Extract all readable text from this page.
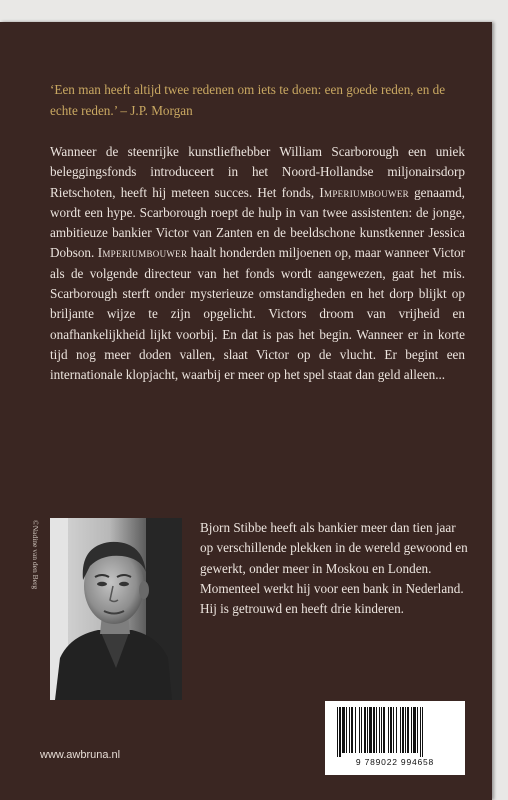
‘Een man heeft altijd twee redenen om iets te doen: een goede reden, en de echte reden.’ – J.P. Morgan
Wanneer de steenrijke kunstliefhebber William Scarborough een uniek beleggingsfonds introduceert in het Noord-Hollandse miljonairsdorp Rietschoten, heeft hij meteen succes. Het fonds, Imperiumbouwer genaamd, wordt een hype. Scarborough roept de hulp in van twee assistenten: de jonge, ambitieuze bankier Victor van Zanten en de beeldschone kunstkenner Jessica Dobson. Imperiumbouwer haalt honderden miljoenen op, maar wanneer Victor als de volgende directeur van het fonds wordt aangewezen, gaat het mis. Scarborough sterft onder mysterieuze omstandigheden en het dorp blijkt op briljante wijze te zijn opgelicht. Victors droom van vrijheid en onafhankelijkheid lijkt voorbij. En dat is pas het begin. Wanneer er in korte tijd nog meer doden vallen, slaat Victor op de vlucht. Er begint een internationale klopjacht, waarbij er meer op het spel staat dan geld alleen...
©Nadine van den Berg	Bjorn Stibbe heeft als bankier meer dan tien jaar op verschillende plekken in de wereld gewoond en gewerkt, onder meer in Moskou en Londen. Momenteel werkt hij voor een bank in Nederland. Hij is getrouwd en heeft drie kinderen.
www.awbruna.nl
9 789022 994658
